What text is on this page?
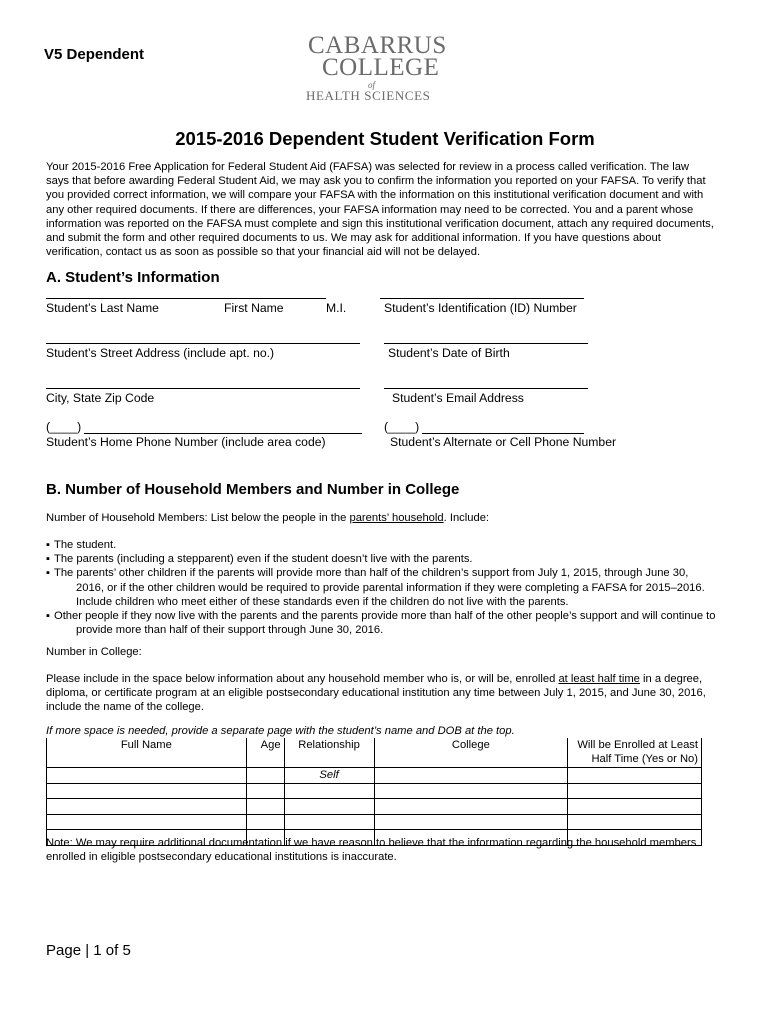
V5 Dependent	CABARRUS
COLLEGE
of
HEALTH SCIENCES
2015-2016 Dependent Student Verification Form
Your 2015-2016 Free Application for Federal Student Aid (FAFSA) was selected for review in a process called verification. The law
says that before awarding Federal Student Aid, we may ask you to confirm the information you reported on your FAFSA. To verify that
you provided correct information, we will compare your FAFSA with the information on this institutional verification document and with
any other required documents. If there are differences, your FAFSA information may need to be corrected. You and a parent whose
information was reported on the FAFSA must complete and sign this institutional verification document, attach any required documents,
and submit the form and other required documents to us. We may ask for additional information. If you have questions about
verification, contact us as soon as possible so that your financial aid will not be delayed.
A. Student’s Information
Student’s Last Name	First Name	M.I.	Student’s Identification (ID) Number
Student’s Street Address (include apt. no.)	Student’s Date of Birth
City, State Zip Code	Student’s Email Address
(____)	(____)
Student’s Home Phone Number (include area code)	Student’s Alternate or Cell Phone Number
B. Number of Household Members and Number in College
Number of Household Members: List below the people in the parents’ household. Include:
▪ The student.
▪ The parents (including a stepparent) even if the student doesn’t live with the parents.
▪ The parents’ other children if the parents will provide more than half of the children’s support from July 1, 2015, through June 30,
2016, or if the other children would be required to provide parental information if they were completing a FAFSA for 2015–2016.
Include children who meet either of these standards even if the children do not live with the parents.
▪ Other people if they now live with the parents and the parents provide more than half of the other people’s support and will continue to
provide more than half of their support through June 30, 2016.
Number in College:
Please include in the space below information about any household member who is, or will be, enrolled at least half time in a degree,
diploma, or certificate program at an eligible postsecondary educational institution any time between July 1, 2015, and June 30, 2016,
include the name of the college.
If more space is needed, provide a separate page with the student’s name and DOB at the top.
Full Name	Age	Relationship	College	Will be Enrolled at Least Half Time (Yes or No)
		Self		

Note: We may require additional documentation if we have reason to believe that the information regarding the household members
enrolled in eligible postsecondary educational institutions is inaccurate.
Page | 1 of 5
